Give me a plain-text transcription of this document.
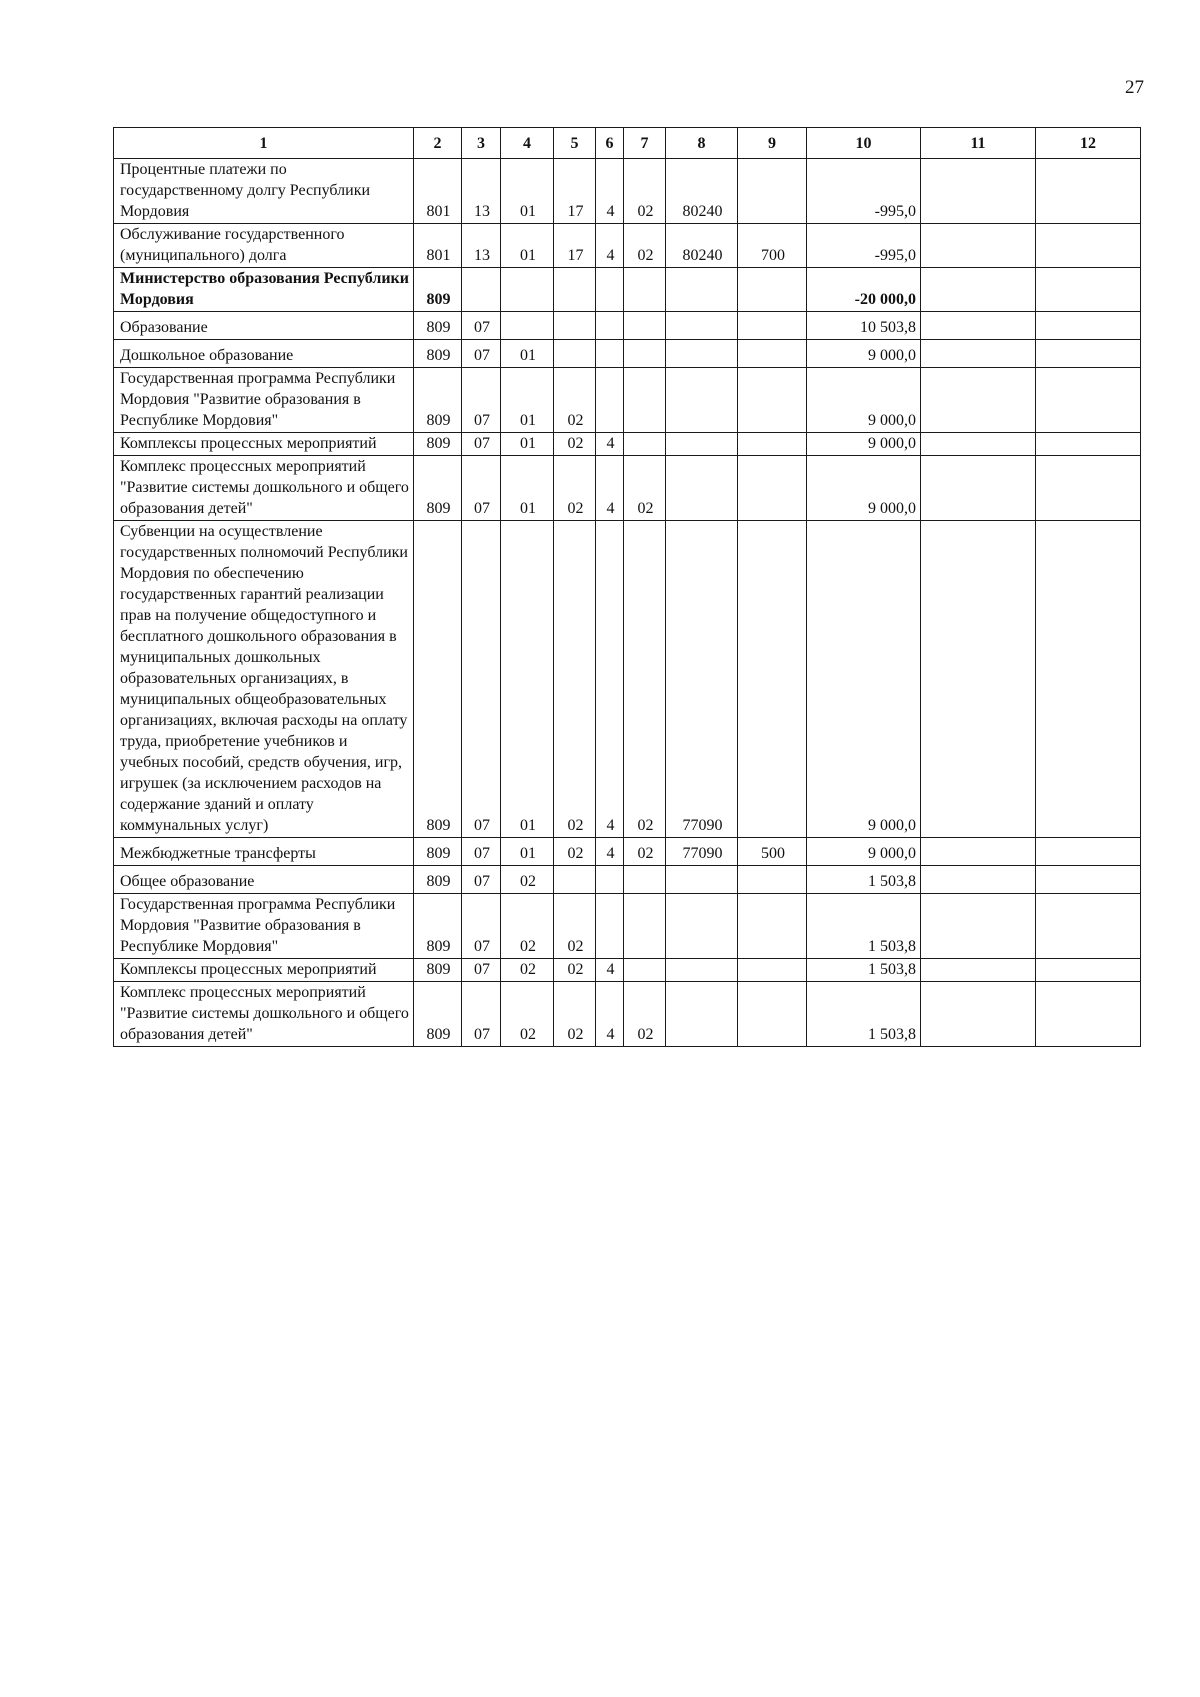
27
1	2	3	4	5	6	7	8	9	10	11	12
Процентные платежи по государственному долгу Республики Мордовия	801	13	01	17	4	02	80240		-995,0		
Обслуживание государственного (муниципального) долга	801	13	01	17	4	02	80240	700	-995,0		
Министерство образования Республики Мордовия	809								-20 000,0		
Образование	809	07							10 503,8		
Дошкольное образование	809	07	01						9 000,0		
Государственная программа Республики Мордовия "Развитие образования в Республике Мордовия"	809	07	01	02					9 000,0		
Комплексы процессных мероприятий	809	07	01	02	4				9 000,0		
Комплекс процессных мероприятий "Развитие системы дошкольного и общего образования детей"	809	07	01	02	4	02			9 000,0		
Субвенции на осуществление государственных полномочий Республики Мордовия по обеспечению государственных гарантий реализации прав на получение общедоступного и бесплатного дошкольного образования в муниципальных дошкольных образовательных организациях, в муниципальных общеобразовательных организациях, включая расходы на оплату труда, приобретение учебников и учебных пособий, средств обучения, игр, игрушек (за исключением расходов на содержание зданий и оплату коммунальных услуг)	809	07	01	02	4	02	77090		9 000,0		
Межбюджетные трансферты	809	07	01	02	4	02	77090	500	9 000,0		
Общее образование	809	07	02						1 503,8		
Государственная программа Республики Мордовия "Развитие образования в Республике Мордовия"	809	07	02	02					1 503,8		
Комплексы процессных мероприятий	809	07	02	02	4				1 503,8		
Комплекс процессных мероприятий "Развитие системы дошкольного и общего образования детей"	809	07	02	02	4	02			1 503,8		
